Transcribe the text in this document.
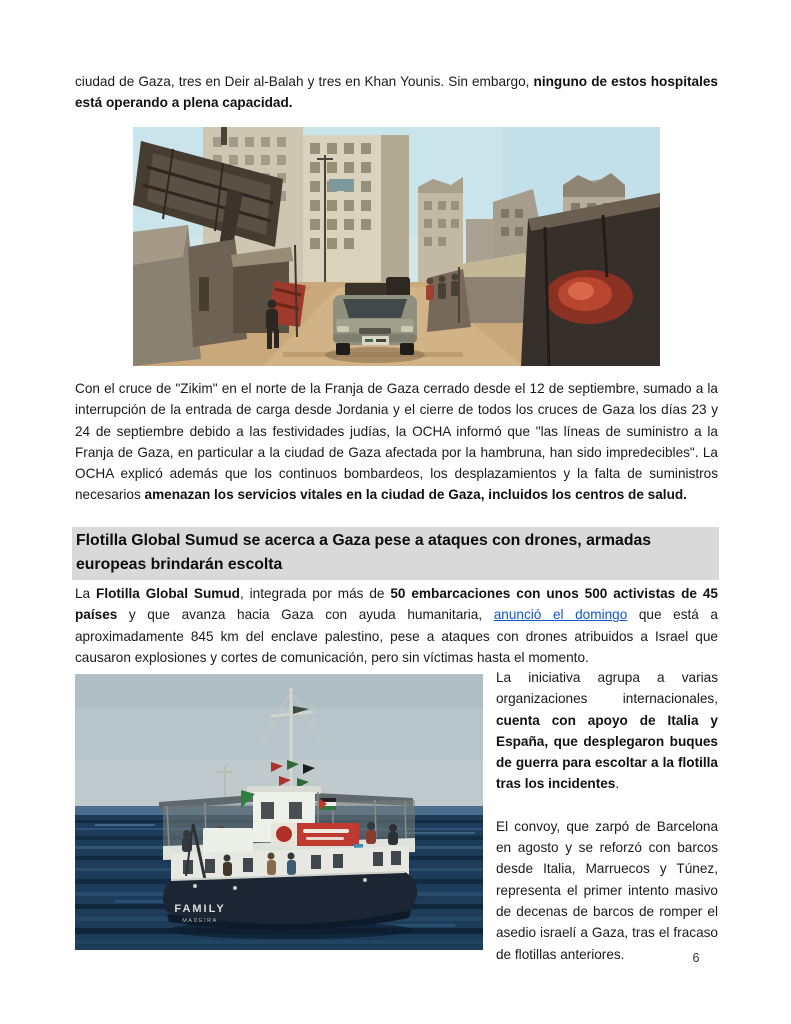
ciudad de Gaza, tres en Deir al-Balah y tres en Khan Younis. Sin embargo, ninguno de estos hospitales está operando a plena capacidad.

Con el cruce de "Zikim" en el norte de la Franja de Gaza cerrado desde el 12 de septiembre, sumado a la interrupción de la entrada de carga desde Jordania y el cierre de todos los cruces de Gaza los días 23 y 24 de septiembre debido a las festividades judías, la OCHA informó que "las líneas de suministro a la Franja de Gaza, en particular a la ciudad de Gaza afectada por la hambruna, han sido impredecibles". La OCHA explicó además que los continuos bombardeos, los desplazamientos y la falta de suministros necesarios amenazan los servicios vitales en la ciudad de Gaza, incluidos los centros de salud.

Flotilla Global Sumud se acerca a Gaza pese a ataques con drones, armadas
europeas brindarán escolta

La Flotilla Global Sumud, integrada por más de 50 embarcaciones con unos 500 activistas de 45 países y que avanza hacia Gaza con ayuda humanitaria, anunció el domingo que está a aproximadamente 845 km del enclave palestino, pese a ataques con drones atribuidos a Israel que causaron explosiones y cortes de comunicación, pero sin víctimas hasta el momento.

FAMILY
MADEIRA

La iniciativa agrupa a varias organizaciones internacionales, cuenta con apoyo de Italia y España, que desplegaron buques de guerra para escoltar a la flotilla tras los incidentes.

El convoy, que zarpó de Barcelona en agosto y se reforzó con barcos desde Italia, Marruecos y Túnez, representa el primer intento masivo de decenas de barcos de romper el asedio israelí a Gaza, tras el fracaso de flotillas anteriores.	6
